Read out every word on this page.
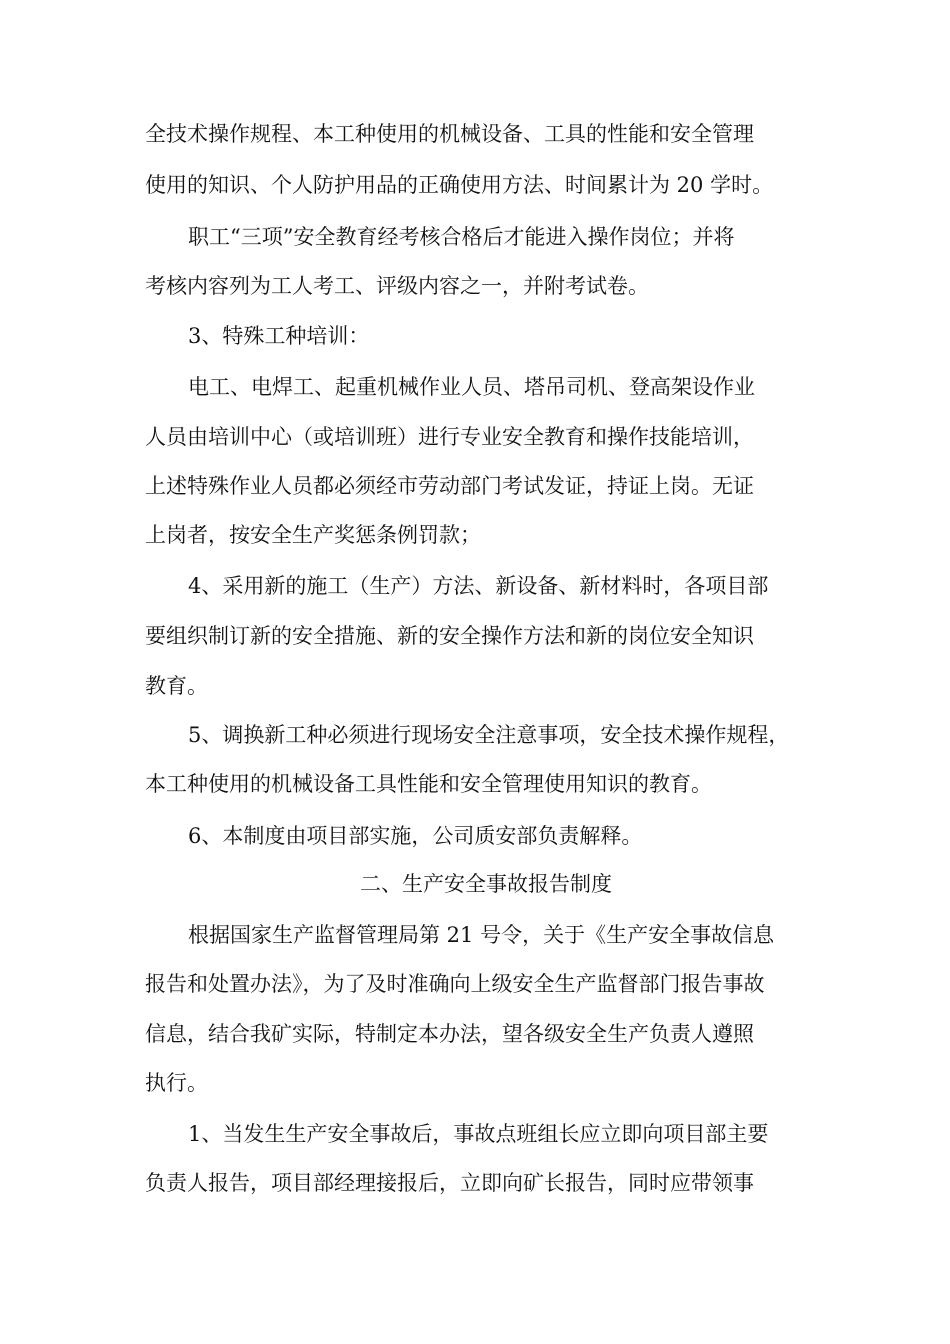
全技术操作规程、本工种使用的机械设备、工具的性能和安全管理
使用的知识、个人防护用品的正确使用方法、时间累计为 20 学时。
职工“三项”安全教育经考核合格后才能进入操作岗位；并将
考核内容列为工人考工、评级内容之一，并附考试卷。
3、特殊工种培训：
电工、电焊工、起重机械作业人员、塔吊司机、登高架设作业
人员由培训中心（或培训班）进行专业安全教育和操作技能培训，
上述特殊作业人员都必须经市劳动部门考试发证，持证上岗。无证
上岗者，按安全生产奖惩条例罚款；
4、采用新的施工（生产）方法、新设备、新材料时，各项目部
要组织制订新的安全措施、新的安全操作方法和新的岗位安全知识
教育。
5、调换新工种必须进行现场安全注意事项，安全技术操作规程，
本工种使用的机械设备工具性能和安全管理使用知识的教育。
6、本制度由项目部实施，公司质安部负责解释。
二、生产安全事故报告制度
根据国家生产监督管理局第 21 号令，关于《生产安全事故信息
报告和处置办法》，为了及时准确向上级安全生产监督部门报告事故
信息，结合我矿实际，特制定本办法，望各级安全生产负责人遵照
执行。
1、当发生生产安全事故后，事故点班组长应立即向项目部主要
负责人报告，项目部经理接报后，立即向矿长报告，同时应带领事
